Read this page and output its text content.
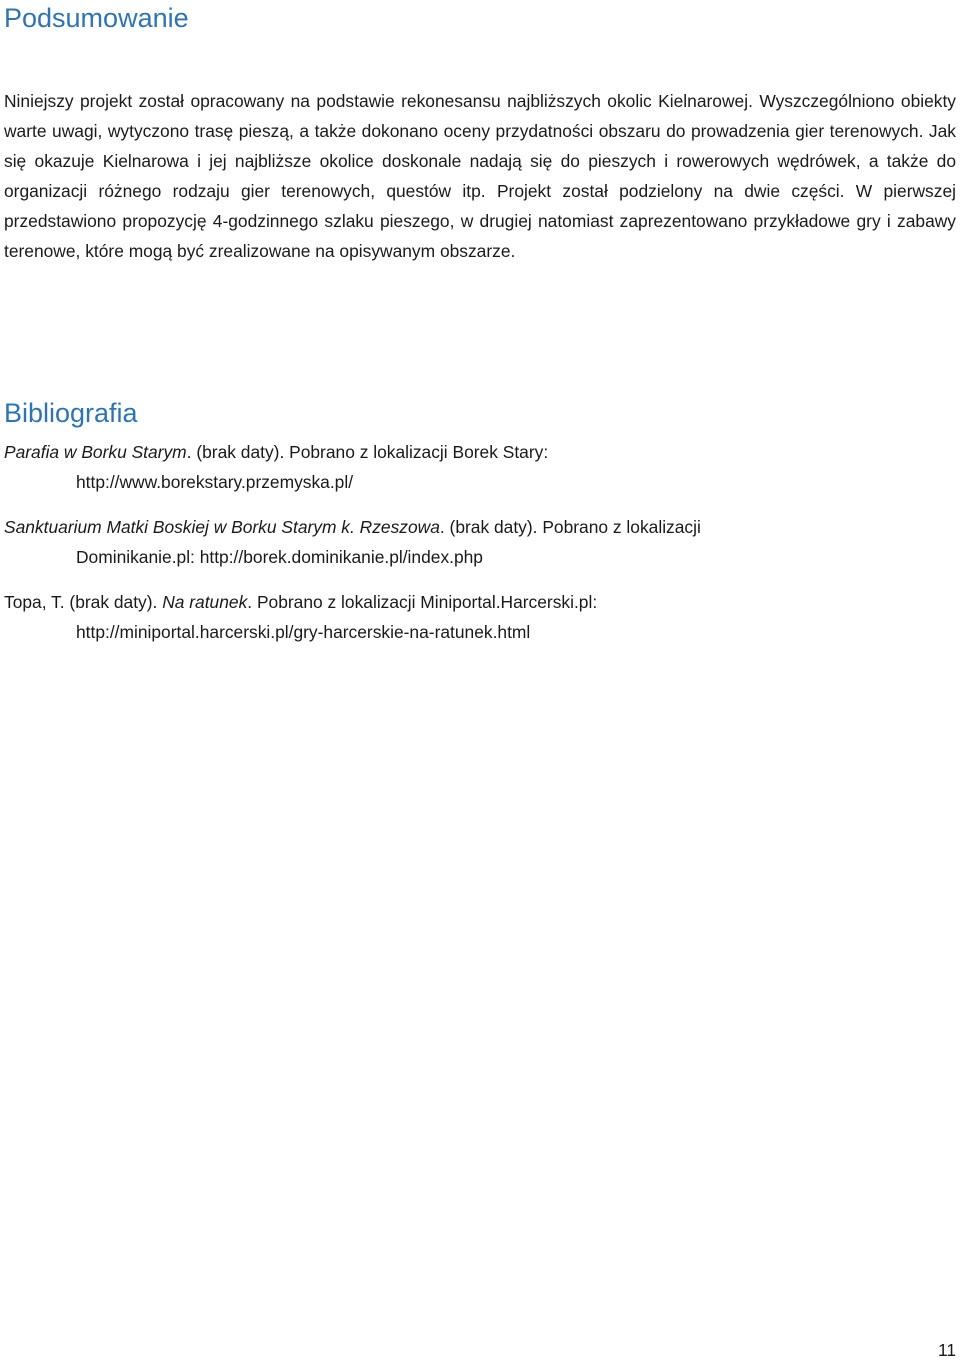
Podsumowanie

Niniejszy projekt został opracowany na podstawie rekonesansu najbliższych okolic Kielnarowej. Wyszczególniono obiekty warte uwagi, wytyczono trasę pieszą, a także dokonano oceny przydatności obszaru do prowadzenia gier terenowych. Jak się okazuje Kielnarowa i jej najbliższe okolice doskonale nadają się do pieszych i rowerowych wędrówek, a także do organizacji różnego rodzaju gier terenowych, questów itp. Projekt został podzielony na dwie części. W pierwszej przedstawiono propozycję 4-godzinnego szlaku pieszego, w drugiej natomiast zaprezentowano przykładowe gry i zabawy terenowe, które mogą być zrealizowane na opisywanym obszarze.

Bibliografia

Parafia w Borku Starym. (brak daty). Pobrano z lokalizacji Borek Stary:
http://www.borekstary.przemyska.pl/

Sanktuarium Matki Boskiej w Borku Starym k. Rzeszowa. (brak daty). Pobrano z lokalizacji
Dominikanie.pl: http://borek.dominikanie.pl/index.php

Topa, T. (brak daty). Na ratunek. Pobrano z lokalizacji Miniportal.Harcerski.pl:
http://miniportal.harcerski.pl/gry-harcerskie-na-ratunek.html

11
